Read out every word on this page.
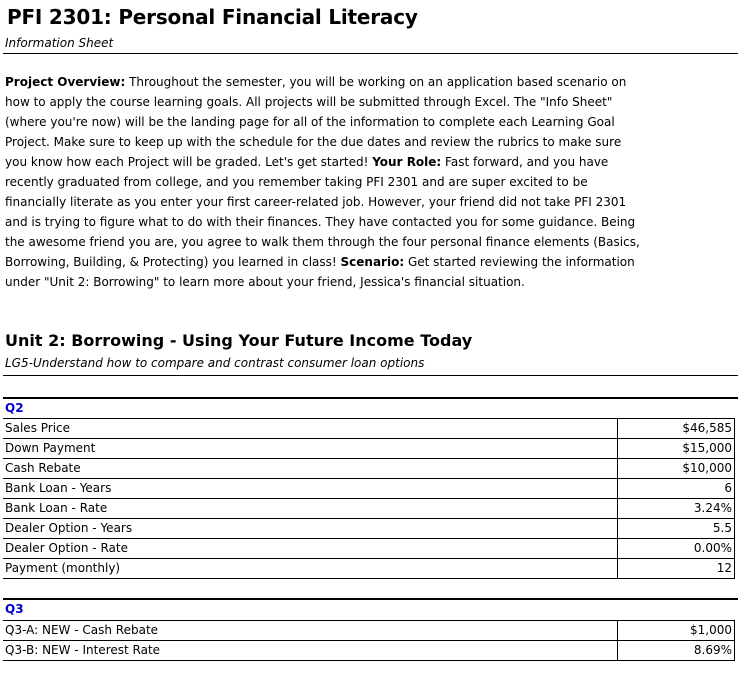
PFI 2301: Personal Financial Literacy
Information Sheet
Project Overview: Throughout the semester, you will be working on an application based scenario on
how to apply the course learning goals. All projects will be submitted through Excel. The "Info Sheet"
(where you're now) will be the landing page for all of the information to complete each Learning Goal
Project. Make sure to keep up with the schedule for the due dates and review the rubrics to make sure
you know how each Project will be graded. Let's get started! Your Role: Fast forward, and you have
recently graduated from college, and you remember taking PFI 2301 and are super excited to be
financially literate as you enter your first career-related job. However, your friend did not take PFI 2301
and is trying to figure what to do with their finances. They have contacted you for some guidance. Being
the awesome friend you are, you agree to walk them through the four personal finance elements (Basics,
Borrowing, Building, & Protecting) you learned in class! Scenario: Get started reviewing the information
under "Unit 2: Borrowing" to learn more about your friend, Jessica's financial situation.
Unit 2: Borrowing - Using Your Future Income Today
LG5-Understand how to compare and contrast consumer loan options
Q2
Sales Price	$46,585
Down Payment	$15,000
Cash Rebate	$10,000
Bank Loan - Years	6
Bank Loan - Rate	3.24%
Dealer Option - Years	5.5
Dealer Option - Rate	0.00%
Payment (monthly)	12
Q3
Q3-A: NEW - Cash Rebate	$1,000
Q3-B: NEW - Interest Rate	8.69%
